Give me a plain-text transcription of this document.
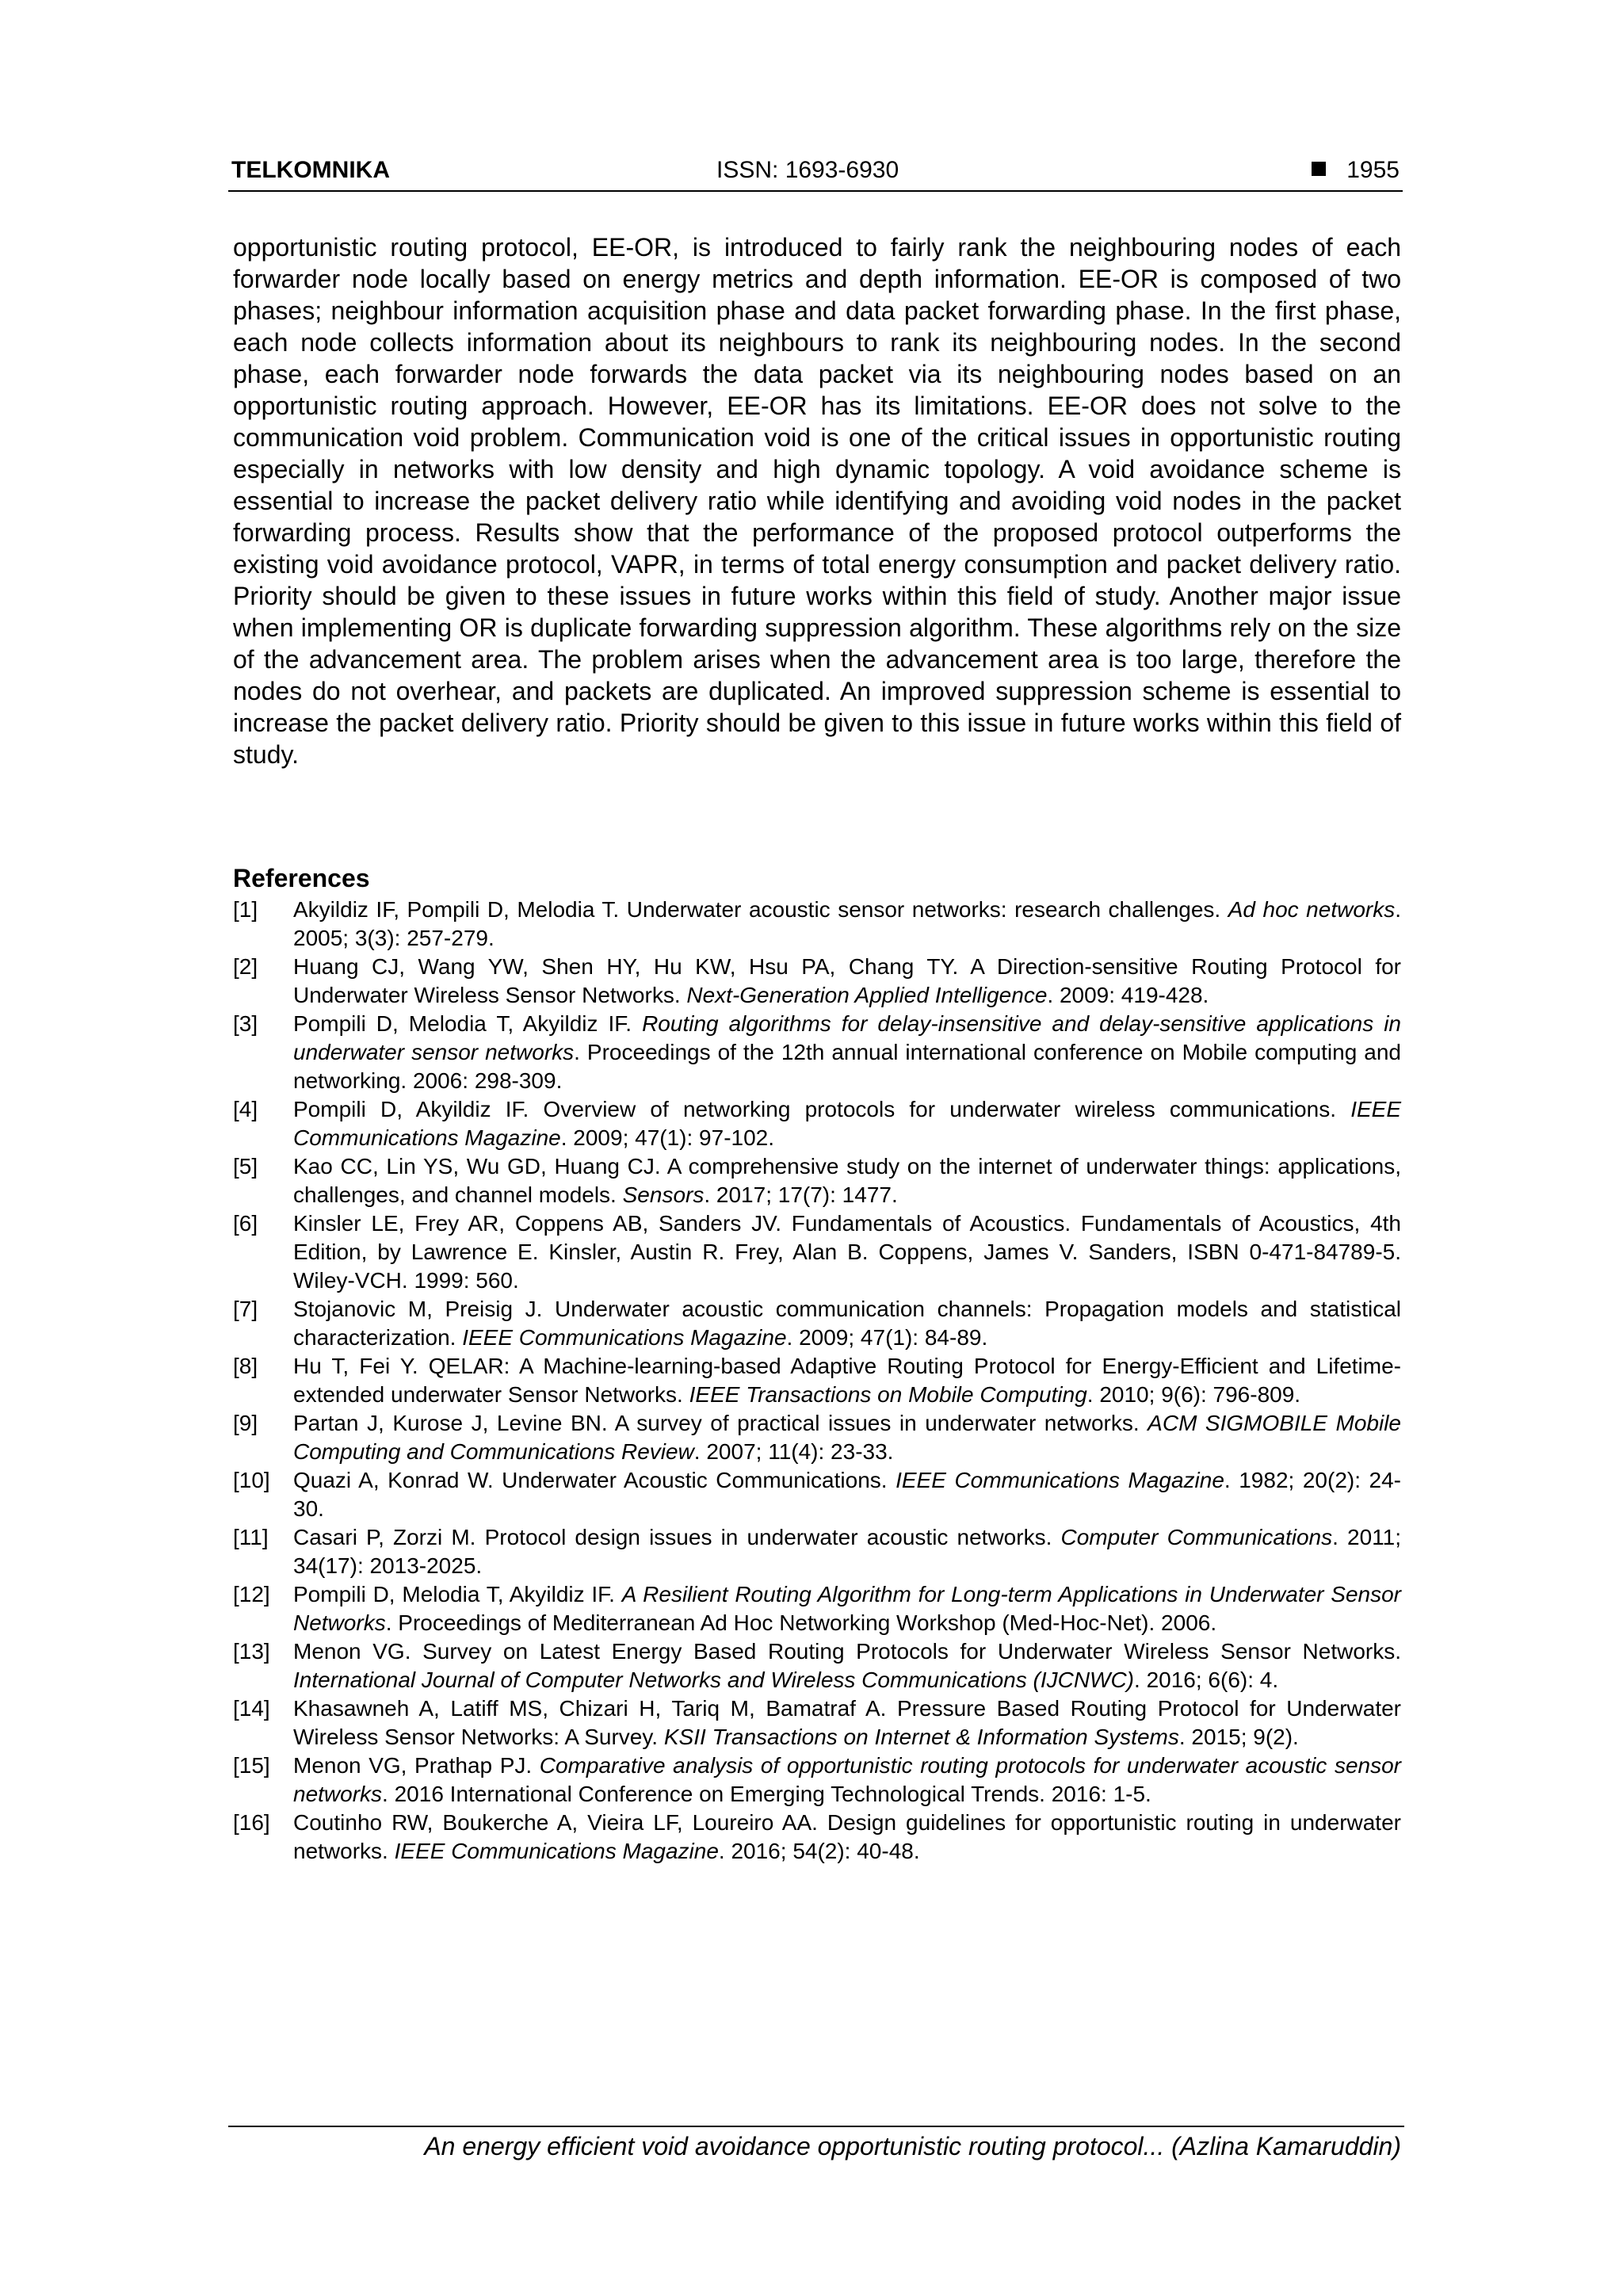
TELKOMNIKA	ISSN: 1693-6930	1955

opportunistic routing protocol, EE-OR, is introduced to fairly rank the neighbouring nodes of each forwarder node locally based on energy metrics and depth information. EE-OR is composed of two phases; neighbour information acquisition phase and data packet forwarding phase. In the first phase, each node collects information about its neighbours to rank its neighbouring nodes. In the second phase, each forwarder node forwards the data packet via its neighbouring nodes based on an opportunistic routing approach. However, EE-OR has its limitations. EE-OR does not solve to the communication void problem. Communication void is one of the critical issues in opportunistic routing especially in networks with low density and high dynamic topology. A void avoidance scheme is essential to increase the packet delivery ratio while identifying and avoiding void nodes in the packet forwarding process. Results show that the performance of the proposed protocol outperforms the existing void avoidance protocol, VAPR, in terms of total energy consumption and packet delivery ratio. Priority should be given to these issues in future works within this field of study. Another major issue when implementing OR is duplicate forwarding suppression algorithm. These algorithms rely on the size of the advancement area. The problem arises when the advancement area is too large, therefore the nodes do not overhear, and packets are duplicated. An improved suppression scheme is essential to increase the packet delivery ratio. Priority should be given to this issue in future works within this field of study.

References
[1]	Akyildiz IF, Pompili D, Melodia T. Underwater acoustic sensor networks: research challenges. Ad hoc networks. 2005; 3(3): 257-279.
[2]	Huang CJ, Wang YW, Shen HY, Hu KW, Hsu PA, Chang TY. A Direction-sensitive Routing Protocol for Underwater Wireless Sensor Networks. Next-Generation Applied Intelligence. 2009: 419-428.
[3]	Pompili D, Melodia T, Akyildiz IF. Routing algorithms for delay-insensitive and delay-sensitive applications in underwater sensor networks. Proceedings of the 12th annual international conference on Mobile computing and networking. 2006: 298-309.
[4]	Pompili D, Akyildiz IF. Overview of networking protocols for underwater wireless communications. IEEE Communications Magazine. 2009; 47(1): 97-102.
[5]	Kao CC, Lin YS, Wu GD, Huang CJ. A comprehensive study on the internet of underwater things: applications, challenges, and channel models. Sensors. 2017; 17(7): 1477.
[6]	Kinsler LE, Frey AR, Coppens AB, Sanders JV. Fundamentals of Acoustics. Fundamentals of Acoustics, 4th Edition, by Lawrence E. Kinsler, Austin R. Frey, Alan B. Coppens, James V. Sanders, ISBN 0-471-84789-5. Wiley-VCH. 1999: 560.
[7]	Stojanovic M, Preisig J. Underwater acoustic communication channels: Propagation models and statistical characterization. IEEE Communications Magazine. 2009; 47(1): 84-89.
[8]	Hu T, Fei Y. QELAR: A Machine-learning-based Adaptive Routing Protocol for Energy-Efficient and Lifetime-extended underwater Sensor Networks. IEEE Transactions on Mobile Computing. 2010; 9(6): 796-809.
[9]	Partan J, Kurose J, Levine BN. A survey of practical issues in underwater networks. ACM SIGMOBILE Mobile Computing and Communications Review. 2007; 11(4): 23-33.
[10]	Quazi A, Konrad W. Underwater Acoustic Communications. IEEE Communications Magazine. 1982; 20(2): 24-30.
[11]	Casari P, Zorzi M. Protocol design issues in underwater acoustic networks. Computer Communications. 2011; 34(17): 2013-2025.
[12]	Pompili D, Melodia T, Akyildiz IF. A Resilient Routing Algorithm for Long-term Applications in Underwater Sensor Networks. Proceedings of Mediterranean Ad Hoc Networking Workshop (Med-Hoc-Net). 2006.
[13]	Menon VG. Survey on Latest Energy Based Routing Protocols for Underwater Wireless Sensor Networks. International Journal of Computer Networks and Wireless Communications (IJCNWC). 2016; 6(6): 4.
[14]	Khasawneh A, Latiff MS, Chizari H, Tariq M, Bamatraf A. Pressure Based Routing Protocol for Underwater Wireless Sensor Networks: A Survey. KSII Transactions on Internet & Information Systems. 2015; 9(2).
[15]	Menon VG, Prathap PJ. Comparative analysis of opportunistic routing protocols for underwater acoustic sensor networks. 2016 International Conference on Emerging Technological Trends. 2016: 1-5.
[16]	Coutinho RW, Boukerche A, Vieira LF, Loureiro AA. Design guidelines for opportunistic routing in underwater networks. IEEE Communications Magazine. 2016; 54(2): 40-48.
An energy efficient void avoidance opportunistic routing protocol... (Azlina Kamaruddin)
